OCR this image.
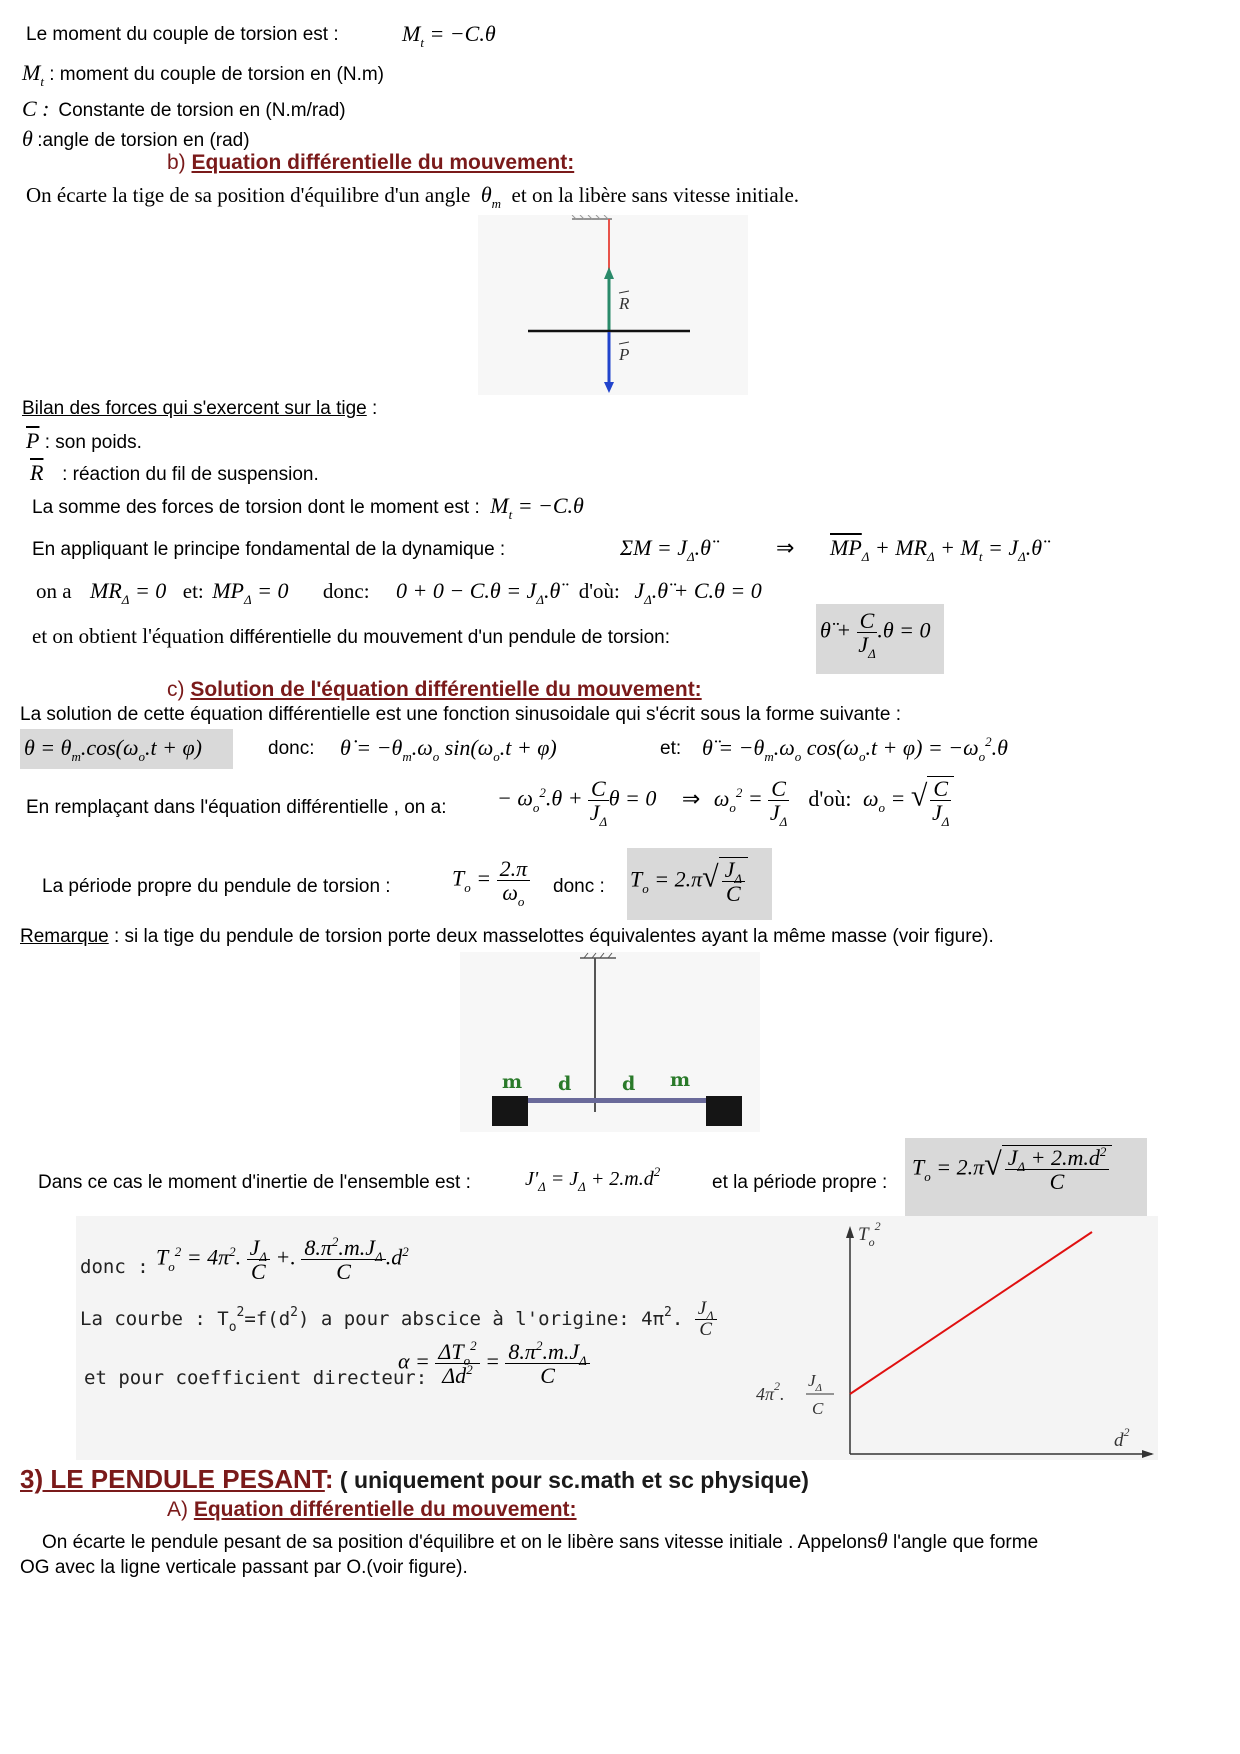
Le moment du couple de torsion est :	$M_t = -C.\theta$
$M_t$ : moment du couple de torsion en (N.m)
C : Constante de torsion en (N.m/rad)
θ :angle de torsion en (rad)
b) Equation différentielle du mouvement:
On écarte la tige de sa position d'équilibre d'un angle $\theta_m$ et on la libère sans vitesse initiale.
R
P
Bilan des forces qui s'exercent sur la tige :
$\overline{P}$ : son poids.
$\overline{R}$    : réaction du fil de suspension.
La somme des forces de torsion dont le moment est : $M_t = -C.\theta$
En appliquant le principe fondamental de la dynamique :	$\Sigma M = J_\Delta.\thetä$	⇒ $\overline{MP}_\Delta + MR_\Delta + M_t$ = $J_\Delta.\thetä$
on a $MR_\Delta = 0$ et: $MP_\Delta = 0$ donc: $0 + 0 - C.\theta = J_\Delta.\thetä$ d'où: $J_\Delta.\thetä + C.\theta = 0$
et on obtient l'équation différentielle du mouvement d'un pendule de torsion:	θ̈ + $\frac{C}{J_\Delta} .\theta = 0$
c) Solution de l'équation différentielle du mouvement:
La solution de cette équation différentielle est une fonction sinusoidale qui s'écrit sous la forme suivante :
$\theta = \theta_m.\cos(\omega_o.t + \varphi)$	donc: θ̇ = $-\theta_m.\omega_o$ $\sin(\omega_o.t + \varphi)$	et: θ̈ = $-\theta_m.\omega_o$ $\cos(\omega_o.t + \varphi) = -\omega_o^2.\theta$
En remplaçant dans l'équation différentielle , on a: − $\omega_o^2.\theta + \frac{C}{J_\Delta}$ θ = 0 ⇒ $\omega_o^2 = \frac{C}{J_\Delta}$ d'où: $\omega_o$ = √ $\frac{C}{J_\Delta}$
La période propre du pendule de torsion :	$T_o = \frac{2.\pi}{\omega_o}$ donc : $T_o = 2.\pi√ \frac{J_\Delta}{C}$
Remarque : si la tige du pendule de torsion porte deux masselottes équivalentes ayant la même masse (voir figure).
m d	d m
Dans ce cas le moment d'inertie de l'ensemble est :	$J'_\Delta = J_\Delta + 2.m.d^2$
et la période propre :
$T_o = 2.\pi√ \frac{J_\Delta + 2.m.d^2}{C}$
donc : $T_o^2 = 4\pi^2$. $\frac{J_\Delta}{C}$ +. $\frac{8.\pi^2.m.J_\Delta}{C} .d^2$
La courbe : $T_o^2=f(d^2)$ a pour abscice à l'origine: $4\pi^2$. $\frac{J_\Delta}{C}$
et pour coefficient directeur:
$\alpha = \frac{\Delta T_o^2}{\Delta d^2} = \frac{8.\pi^2.m.J_\Delta}{C}$
$T_o^2$
$d^2$
$4\pi^2$.
$J_\Delta$
C
3) LE PENDULE PESANT: ( uniquement pour sc.math et sc physique)
A) Equation différentielle du mouvement:
On écarte le pendule pesant de sa position d'équilibre et on le libère sans vitesse initiale . Appelonsθ l'angle que forme
OG avec la ligne verticale passant par O.(voir figure).
